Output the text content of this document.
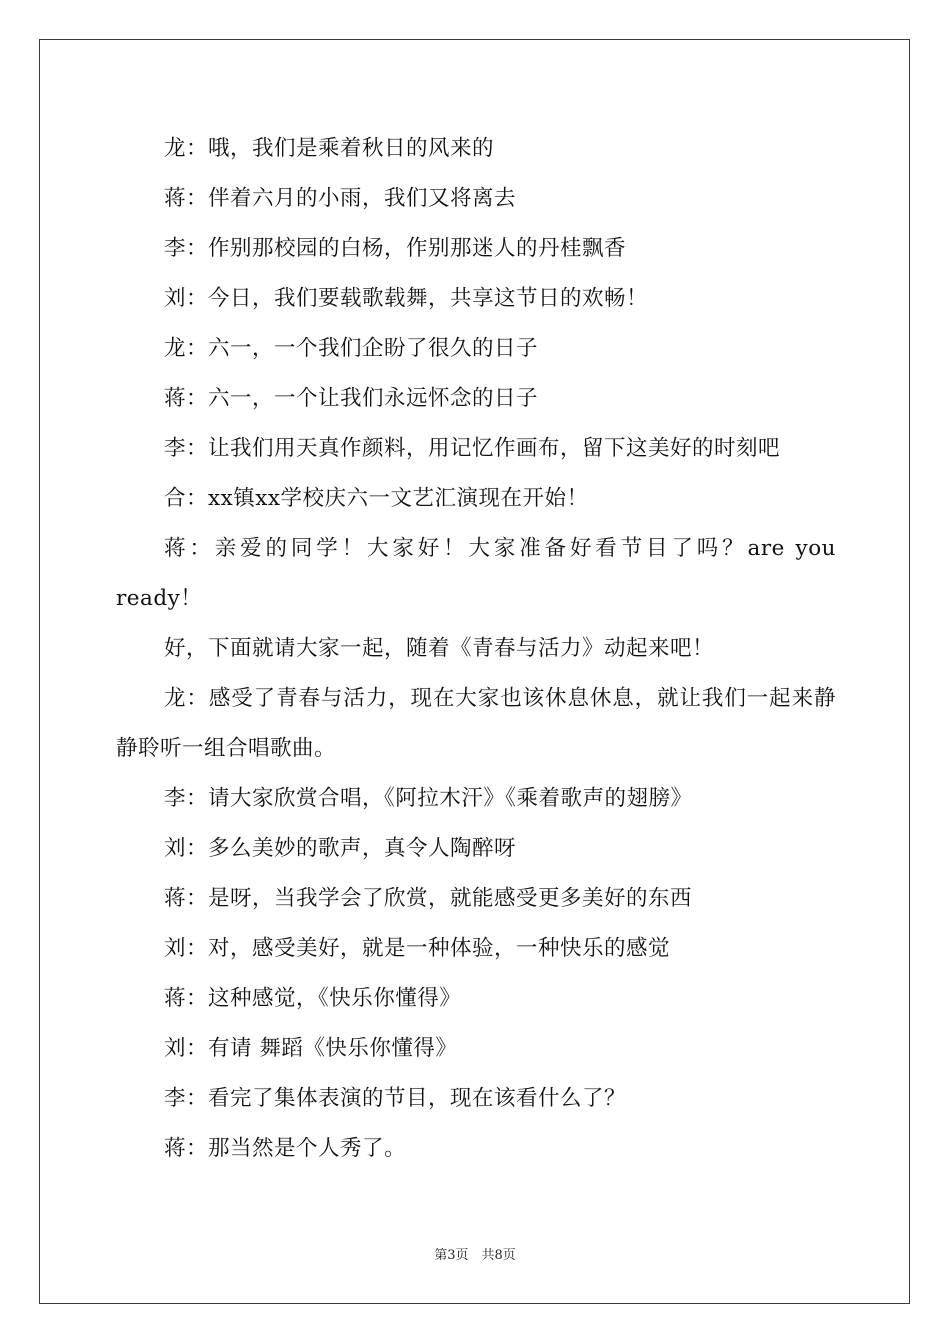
龙：哦，我们是乘着秋日的风来的

蒋：伴着六月的小雨，我们又将离去

李：作别那校园的白杨，作别那迷人的丹桂飘香

刘：今日，我们要载歌载舞，共享这节日的欢畅！

龙：六一，一个我们企盼了很久的日子

蒋：六一，一个让我们永远怀念的日子

李：让我们用天真作颜料，用记忆作画布，留下这美好的时刻吧

合：xx镇xx学校庆六一文艺汇演现在开始！

蒋：亲爱的同学！大家好！大家准备好看节目了吗？are you ready！

好，下面就请大家一起，随着《青春与活力》动起来吧！

龙：感受了青春与活力，现在大家也该休息休息，就让我们一起来静静聆听一组合唱歌曲。

李：请大家欣赏合唱，《阿拉木汗》《乘着歌声的翅膀》

刘：多么美妙的歌声，真令人陶醉呀

蒋：是呀，当我学会了欣赏，就能感受更多美好的东西

刘：对，感受美好，就是一种体验，一种快乐的感觉

蒋：这种感觉，《快乐你懂得》

刘：有请 舞蹈《快乐你懂得》

李：看完了集体表演的节目，现在该看什么了？

蒋：那当然是个人秀了。

第3页　共8页
